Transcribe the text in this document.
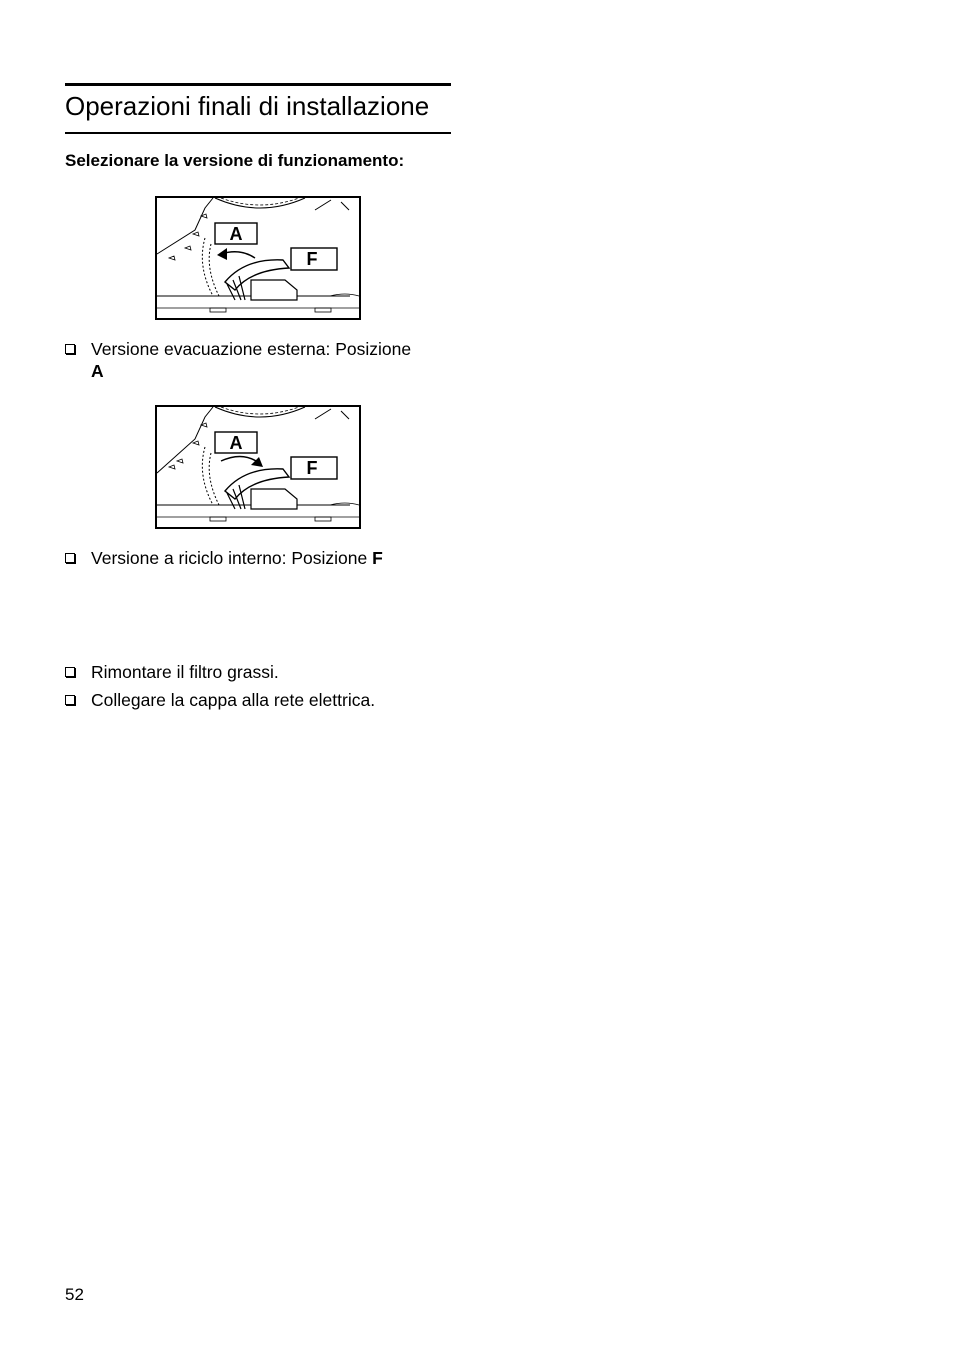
Operazioni finali di installazione

Selezionare la versione di funzionamento:

A
F
Versione evacuazione esterna: Posizione
A
A
F
Versione a riciclo interno: Posizione F
Rimontare il filtro grassi.
Collegare la cappa alla rete elettrica.

52
